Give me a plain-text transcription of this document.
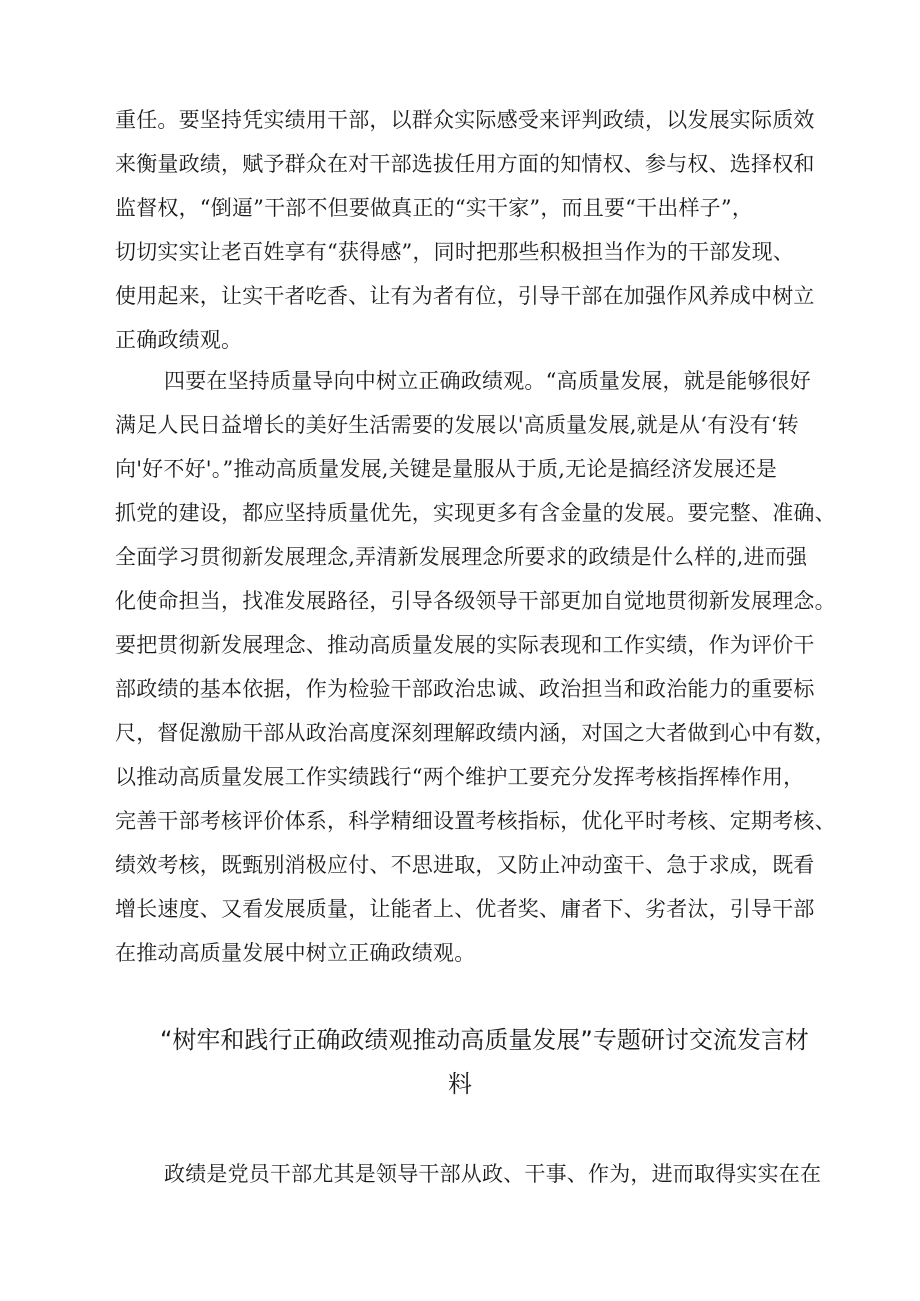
重任。要坚持凭实绩用干部，以群众实际感受来评判政绩，以发展实际质效
来衡量政绩，赋予群众在对干部选拔任用方面的知情权、参与权、选择权和
监督权，“倒逼”干部不但要做真正的“实干家”，而且要“干出样子”，
切切实实让老百姓享有“获得感”，同时把那些积极担当作为的干部发现、
使用起来，让实干者吃香、让有为者有位，引导干部在加强作风养成中树立
正确政绩观。
四要在坚持质量导向中树立正确政绩观。“高质量发展，就是能够很好
满足人民日益增长的美好生活需要的发展以'高质量发展,就是从‘有没有‘转
向'好不好'。”推动高质量发展,关键是量服从于质,无论是搞经济发展还是
抓党的建设，都应坚持质量优先，实现更多有含金量的发展。要完整、准确、
全面学习贯彻新发展理念,弄清新发展理念所要求的政绩是什么样的,进而强
化使命担当，找准发展路径，引导各级领导干部更加自觉地贯彻新发展理念。
要把贯彻新发展理念、推动高质量发展的实际表现和工作实绩，作为评价干
部政绩的基本依据，作为检验干部政治忠诚、政治担当和政治能力的重要标
尺，督促激励干部从政治高度深刻理解政绩内涵，对国之大者做到心中有数，
以推动高质量发展工作实绩践行“两个维护工要充分发挥考核指挥棒作用，
完善干部考核评价体系，科学精细设置考核指标，优化平时考核、定期考核、
绩效考核，既甄别消极应付、不思进取，又防止冲动蛮干、急于求成，既看
增长速度、又看发展质量，让能者上、优者奖、庸者下、劣者汰，引导干部
在推动高质量发展中树立正确政绩观。
“树牢和践行正确政绩观推动高质量发展”专题研讨交流发言材
料
政绩是党员干部尤其是领导干部从政、干事、作为，进而取得实实在在
